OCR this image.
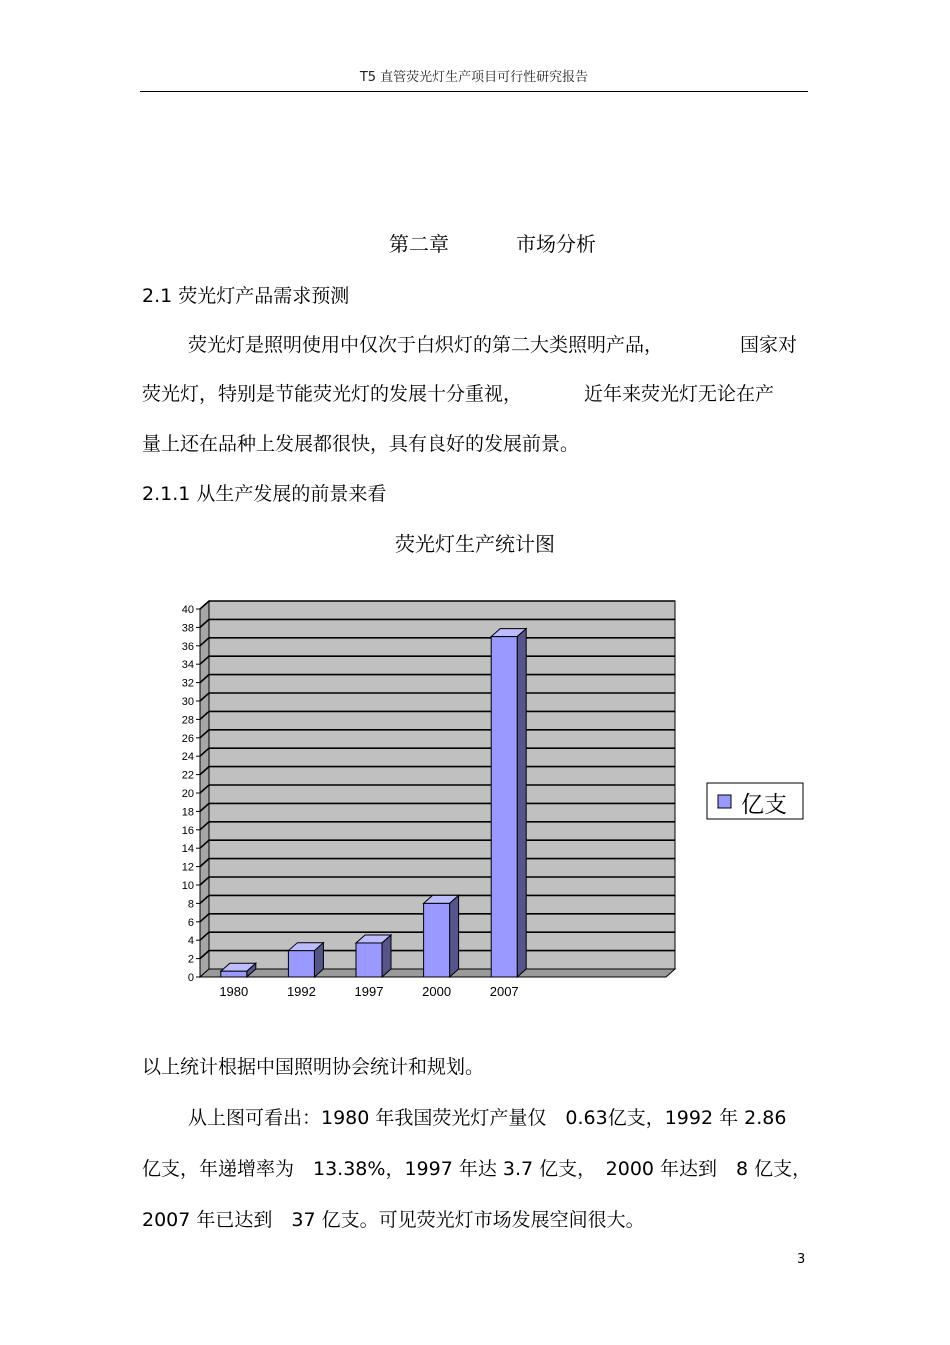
T5 直管荧光灯生产项目可行性研究报告
第二章	市场分析
2.1 荧光灯产品需求预测
荧光灯是照明使用中仅次于白炽灯的第二大类照明产品，	国家对
荧光灯，特别是节能荧光灯的发展十分重视，	近年来荧光灯无论在产
量上还在品种上发展都很快，具有良好的发展前景。
2.1.1 从生产发展的前景来看
荧光灯生产统计图
0
2
4
6
8
10
12
14
16
18
20
22
24
26
28
30
32
34
36
38
40
1980	1992	1997	2000	2007
亿支
以上统计根据中国照明协会统计和规划。
从上图可看出：1980 年我国荧光灯产量仅　0.63亿支，1992 年 2.86
亿支，年递增率为　13.38%，1997 年达 3.7 亿支，　2000 年达到　8 亿支，
2007 年已达到　37 亿支。可见荧光灯市场发展空间很大。
3
